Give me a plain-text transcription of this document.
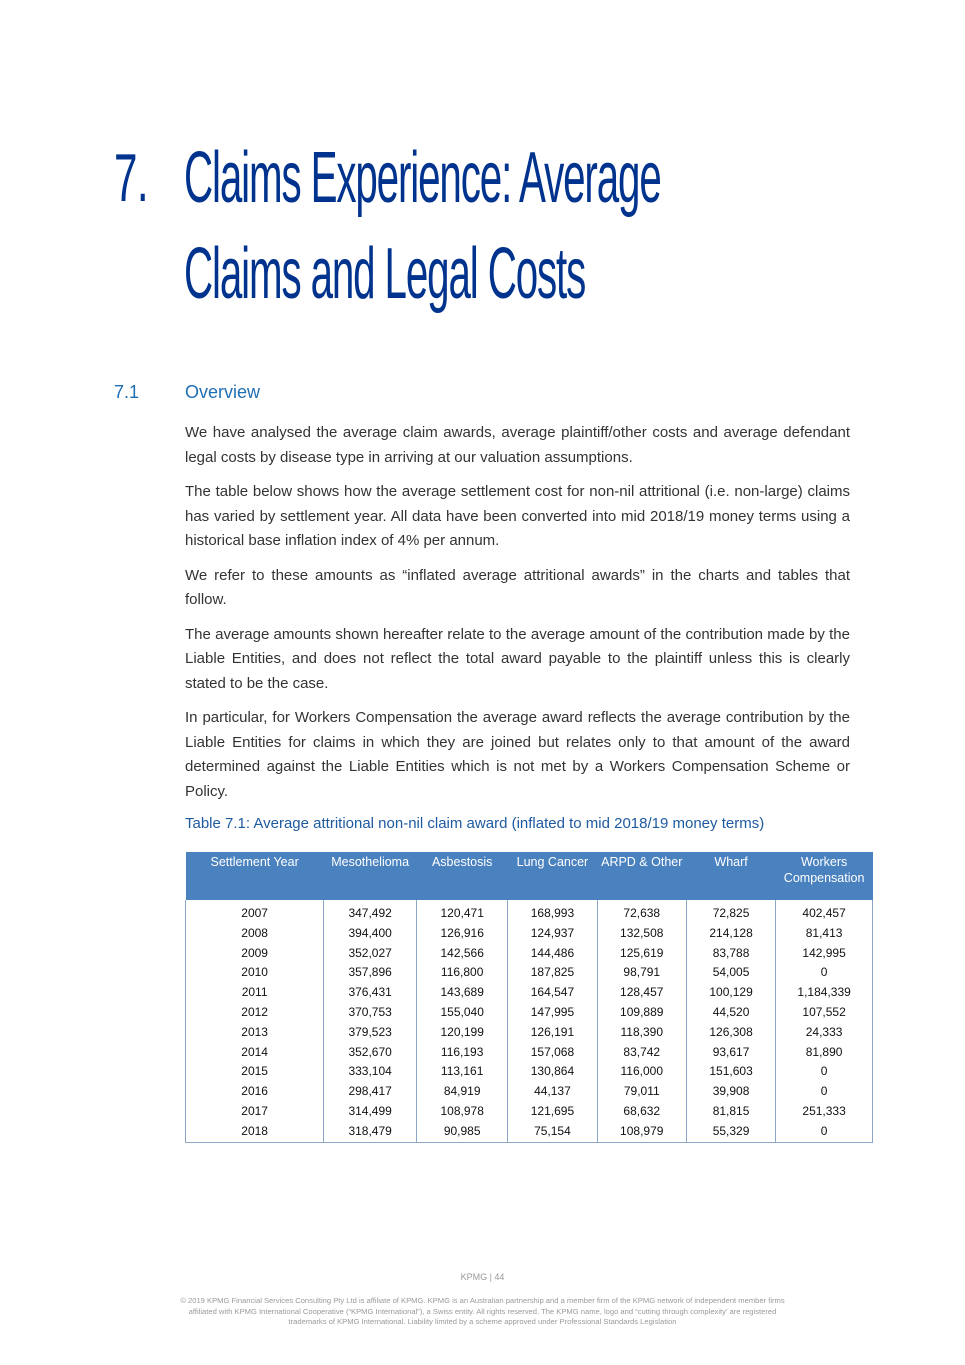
7. Claims Experience: Average
Claims and Legal Costs
7.1	Overview

We have analysed the average claim awards, average plaintiff/other costs and average defendant legal costs by disease type in arriving at our valuation assumptions.

The table below shows how the average settlement cost for non-nil attritional (i.e. non-large) claims has varied by settlement year. All data have been converted into mid 2018/19 money terms using a historical base inflation index of 4% per annum.

We refer to these amounts as “inflated average attritional awards” in the charts and tables that follow.

The average amounts shown hereafter relate to the average amount of the contribution made by the Liable Entities, and does not reflect the total award payable to the plaintiff unless this is clearly stated to be the case.

In particular, for Workers Compensation the average award reflects the average contribution by the Liable Entities for claims in which they are joined but relates only to that amount of the award determined against the Liable Entities which is not met by a Workers Compensation Scheme or Policy.

Table 7.1: Average attritional non-nil claim award (inflated to mid 2018/19 money terms)
Settlement Year	Mesothelioma	Asbestosis	Lung Cancer	ARPD & Other	Wharf	Workers Compensation
2007	347,492	120,471	168,993	72,638	72,825	402,457
2008	394,400	126,916	124,937	132,508	214,128	81,413
2009	352,027	142,566	144,486	125,619	83,788	142,995
2010	357,896	116,800	187,825	98,791	54,005	0
2011	376,431	143,689	164,547	128,457	100,129	1,184,339
2012	370,753	155,040	147,995	109,889	44,520	107,552
2013	379,523	120,199	126,191	118,390	126,308	24,333
2014	352,670	116,193	157,068	83,742	93,617	81,890
2015	333,104	113,161	130,864	116,000	151,603	0
2016	298,417	84,919	44,137	79,011	39,908	0
2017	314,499	108,978	121,695	68,632	81,815	251,333
2018	318,479	90,985	75,154	108,979	55,329	0
KPMG | 44
© 2019 KPMG Financial Services Consulting Pty Ltd is affiliate of KPMG. KPMG is an Australian partnership and a member firm of the KPMG network of independent member firms
affiliated with KPMG International Cooperative (“KPMG International”), a Swiss entity. All rights reserved. The KPMG name, logo and “cutting through complexity’ are registered
trademarks of KPMG International. Liability limited by a scheme approved under Professional Standards Legislation
